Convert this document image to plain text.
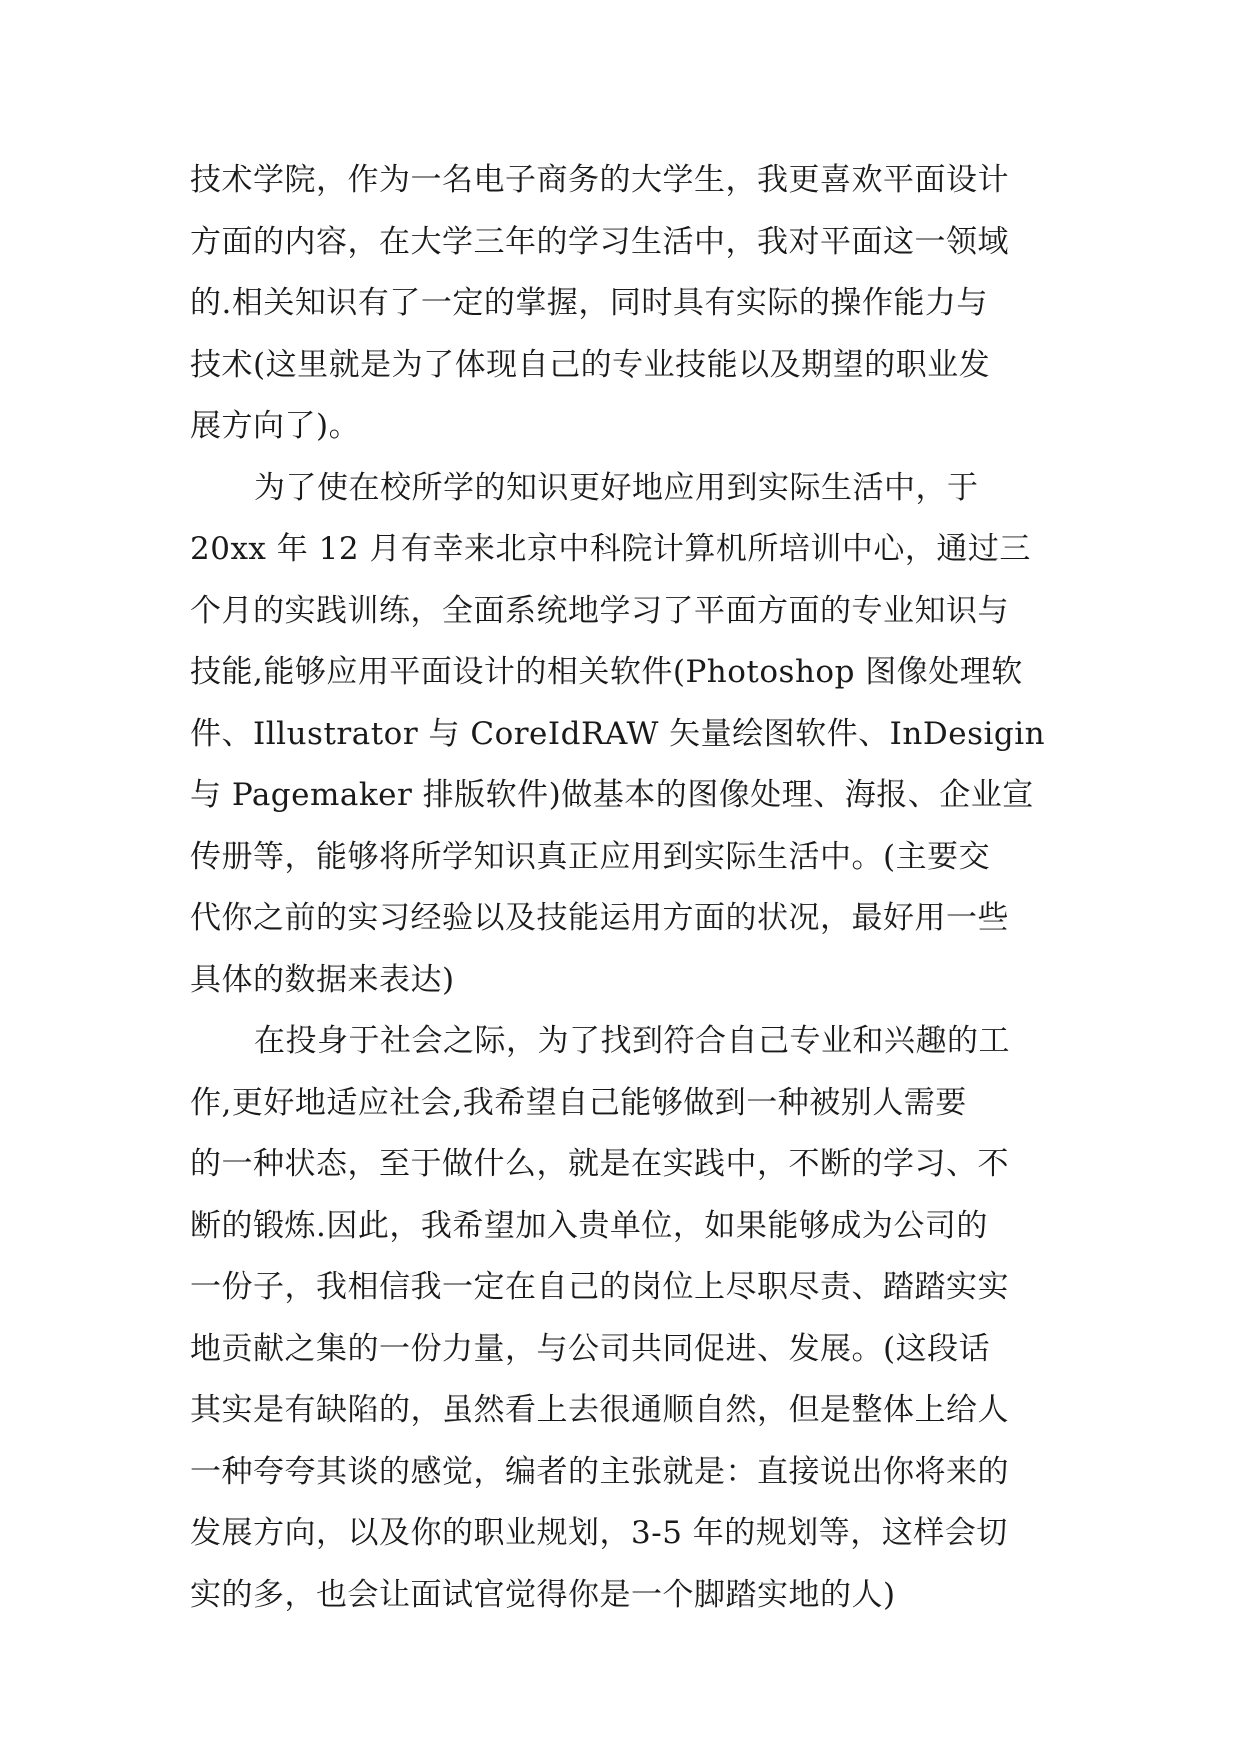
技术学院，作为一名电子商务的大学生，我更喜欢平面设计
方面的内容，在大学三年的学习生活中，我对平面这一领域
的.相关知识有了一定的掌握，同时具有实际的操作能力与
技术(这里就是为了体现自己的专业技能以及期望的职业发
展方向了)。
为了使在校所学的知识更好地应用到实际生活中，于
20xx 年 12 月有幸来北京中科院计算机所培训中心，通过三
个月的实践训练，全面系统地学习了平面方面的专业知识与
技能,能够应用平面设计的相关软件(Photoshop 图像处理软
件、Illustrator 与 CoreIdRAW 矢量绘图软件、InDesigin
与 Pagemaker 排版软件)做基本的图像处理、海报、企业宣
传册等，能够将所学知识真正应用到实际生活中。(主要交
代你之前的实习经验以及技能运用方面的状况，最好用一些
具体的数据来表达)
在投身于社会之际，为了找到符合自己专业和兴趣的工
作,更好地适应社会,我希望自己能够做到一种被别人需要
的一种状态，至于做什么，就是在实践中，不断的学习、不
断的锻炼.因此，我希望加入贵单位，如果能够成为公司的
一份子，我相信我一定在自己的岗位上尽职尽责、踏踏实实
地贡献之集的一份力量，与公司共同促进、发展。(这段话
其实是有缺陷的，虽然看上去很通顺自然，但是整体上给人
一种夸夸其谈的感觉，编者的主张就是：直接说出你将来的
发展方向，以及你的职业规划，3-5 年的规划等，这样会切
实的多，也会让面试官觉得你是一个脚踏实地的人)
